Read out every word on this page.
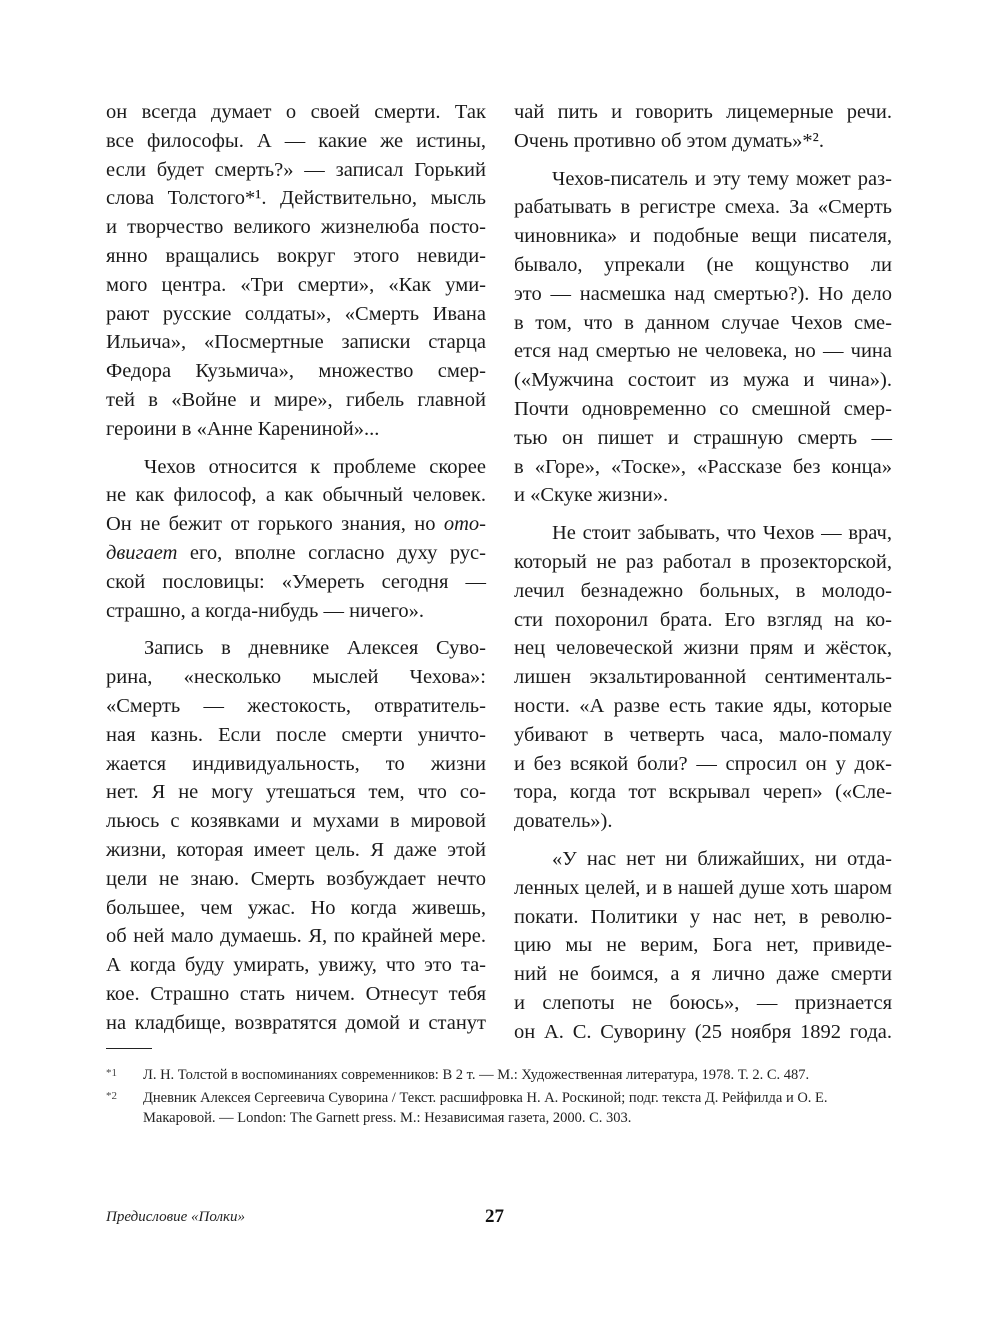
он всегда думает о своей смерти. Так
все философы. А — какие же истины,
если будет смерть?» — записал Горький
слова Толстого*¹. Действительно, мысль
и творчество великого жизнелюба посто-
янно вращались вокруг этого невиди-
мого центра. «Три смерти», «Как уми-
рают русские солдаты», «Смерть Ивана
Ильича», «Посмертные записки старца
Федора Кузьмича», множество смер-
тей в «Войне и мире», гибель главной
героини в «Анне Карениной»...
Чехов относится к проблеме скорее
не как философ, а как обычный человек.
Он не бежит от горького знания, но ото-
двигает его, вполне согласно духу рус-
ской пословицы: «Умереть сегодня —
страшно, а когда-нибудь — ничего».
Запись в дневнике Алексея Суво-
рина, «несколько мыслей Чехова»:
«Смерть — жестокость, отвратитель-
ная казнь. Если после смерти уничто-
жается индивидуальность, то жизни
нет. Я не могу утешаться тем, что со-
льюсь с козявками и мухами в мировой
жизни, которая имеет цель. Я даже этой
цели не знаю. Смерть возбуждает нечто
большее, чем ужас. Но когда живешь,
об ней мало думаешь. Я, по крайней мере.
А когда буду умирать, увижу, что это та-
кое. Страшно стать ничем. Отнесут тебя
на кладбище, возвратятся домой и станут
чай пить и говорить лицемерные речи.
Очень противно об этом думать»*².
Чехов-писатель и эту тему может раз-
рабатывать в регистре смеха. За «Смерть
чиновника» и подобные вещи писателя,
бывало, упрекали (не кощунство ли
это — насмешка над смертью?). Но дело
в том, что в данном случае Чехов сме-
ется над смертью не человека, но — чина
(«Мужчина состоит из мужа и чина»).
Почти одновременно со смешной смер-
тью он пишет и страшную смерть —
в «Горе», «Тоске», «Рассказе без конца»
и «Скуке жизни».
Не стоит забывать, что Чехов — врач,
который не раз работал в прозекторской,
лечил безнадежно больных, в молодо-
сти похоронил брата. Его взгляд на ко-
нец человеческой жизни прям и жёсток,
лишен экзальтированной сентименталь-
ности. «А разве есть такие яды, которые
убивают в четверть часа, мало-помалу
и без всякой боли? — спросил он у док-
тора, когда тот вскрывал череп» («Сле-
дователь»).
«У нас нет ни ближайших, ни отда-
ленных целей, и в нашей душе хоть шаром
покати. Политики у нас нет, в револю-
цию мы не верим, Бога нет, привиде-
ний не боимся, а я лично даже смерти
и слепоты не боюсь», — признается
он А. С. Суворину (25 ноября 1892 года.
*1 Л. Н. Толстой в воспоминаниях современников: В 2 т. — М.: Художественная литература, 1978. Т. 2. С. 487.
*2 Дневник Алексея Сергеевича Суворина / Текст. расшифровка Н. А. Роскиной; подг. текста Д. Рейфилда и О. Е. Макаровой. — London: The Garnett press. М.: Независимая газета, 2000. С. 303.
Предисловие «Полки»	27
